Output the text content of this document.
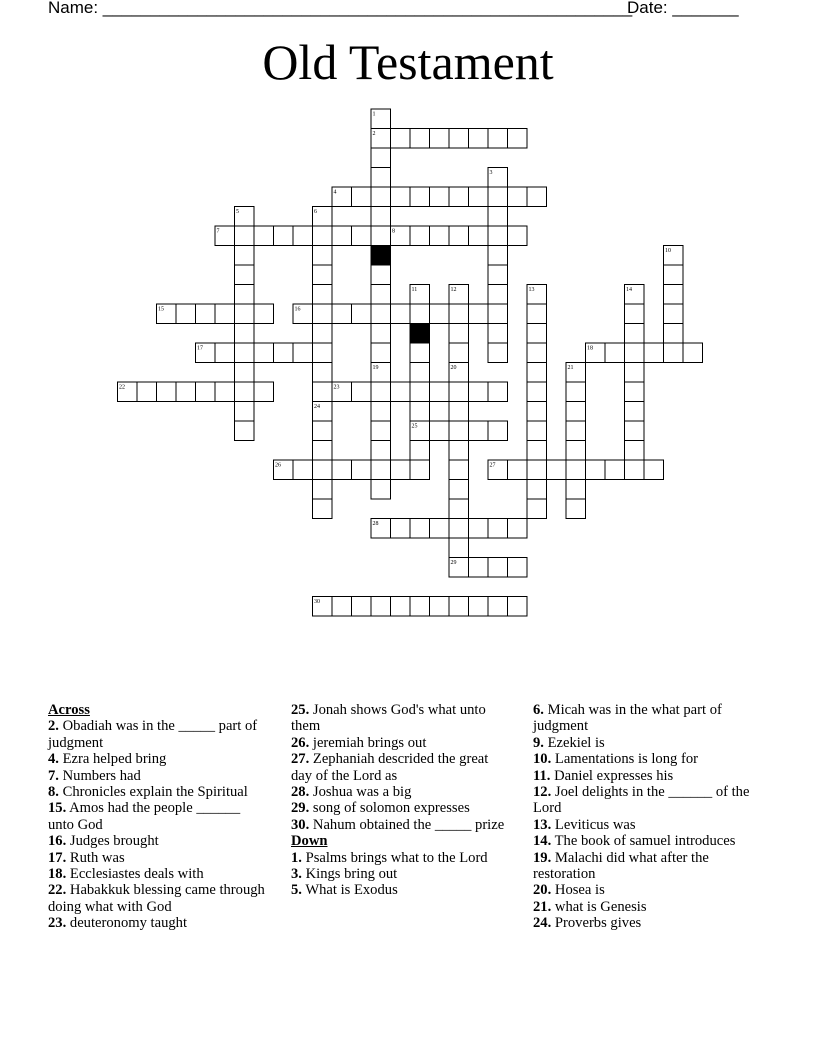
Name: ________________________________________________________
Date: _______
Old Testament
1
2
3
4
5	6
7	8
9	10
11	12	13	14
15	16
17	18
19	20	21
22	23
24
25
26	27
28
29
30
Across
2. Obadiah was in the _____ part of judgment
4. Ezra helped bring
7. Numbers had
8. Chronicles explain the Spiritual
15. Amos had the people ______ unto God
16. Judges brought
17. Ruth was
18. Ecclesiastes deals with
22. Habakkuk blessing came through doing what with God
23. deuteronomy taught
25. Jonah shows God's what unto them
26. jeremiah brings out
27. Zephaniah descrided the great day of the Lord as
28. Joshua was a big
29. song of solomon expresses
30. Nahum obtained the _____ prize
Down
1. Psalms brings what to the Lord
3. Kings bring out
5. What is Exodus
6. Micah was in the what part of judgment
9. Ezekiel is
10. Lamentations is long for
11. Daniel expresses his
12. Joel delights in the ______ of the Lord
13. Leviticus was
14. The book of samuel introduces
19. Malachi did what after the restoration
20. Hosea is
21. what is Genesis
24. Proverbs gives
